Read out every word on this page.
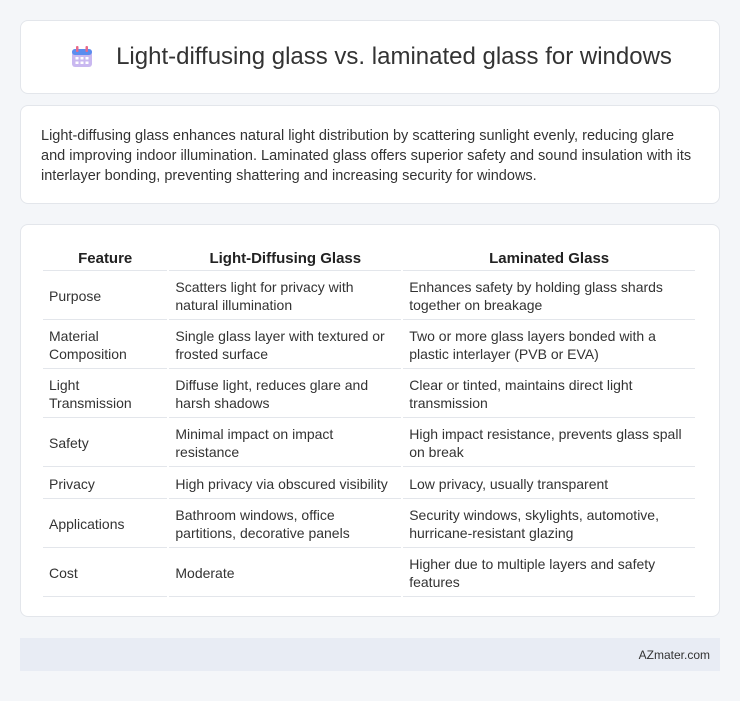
Light-diffusing glass vs. laminated glass for windows

Light-diffusing glass enhances natural light distribution by scattering sunlight evenly, reducing glare and improving indoor illumination. Laminated glass offers superior safety and sound insulation with its interlayer bonding, preventing shattering and increasing security for windows.

Feature	Light-Diffusing Glass	Laminated Glass
Purpose	Scatters light for privacy with natural illumination	Enhances safety by holding glass shards together on breakage
Material Composition	Single glass layer with textured or frosted surface	Two or more glass layers bonded with a plastic interlayer (PVB or EVA)
Light Transmission	Diffuse light, reduces glare and harsh shadows	Clear or tinted, maintains direct light transmission
Safety	Minimal impact on impact resistance	High impact resistance, prevents glass spall on break
Privacy	High privacy via obscured visibility	Low privacy, usually transparent
Applications	Bathroom windows, office partitions, decorative panels	Security windows, skylights, automotive, hurricane-resistant glazing
Cost	Moderate	Higher due to multiple layers and safety features
AZmater.com
